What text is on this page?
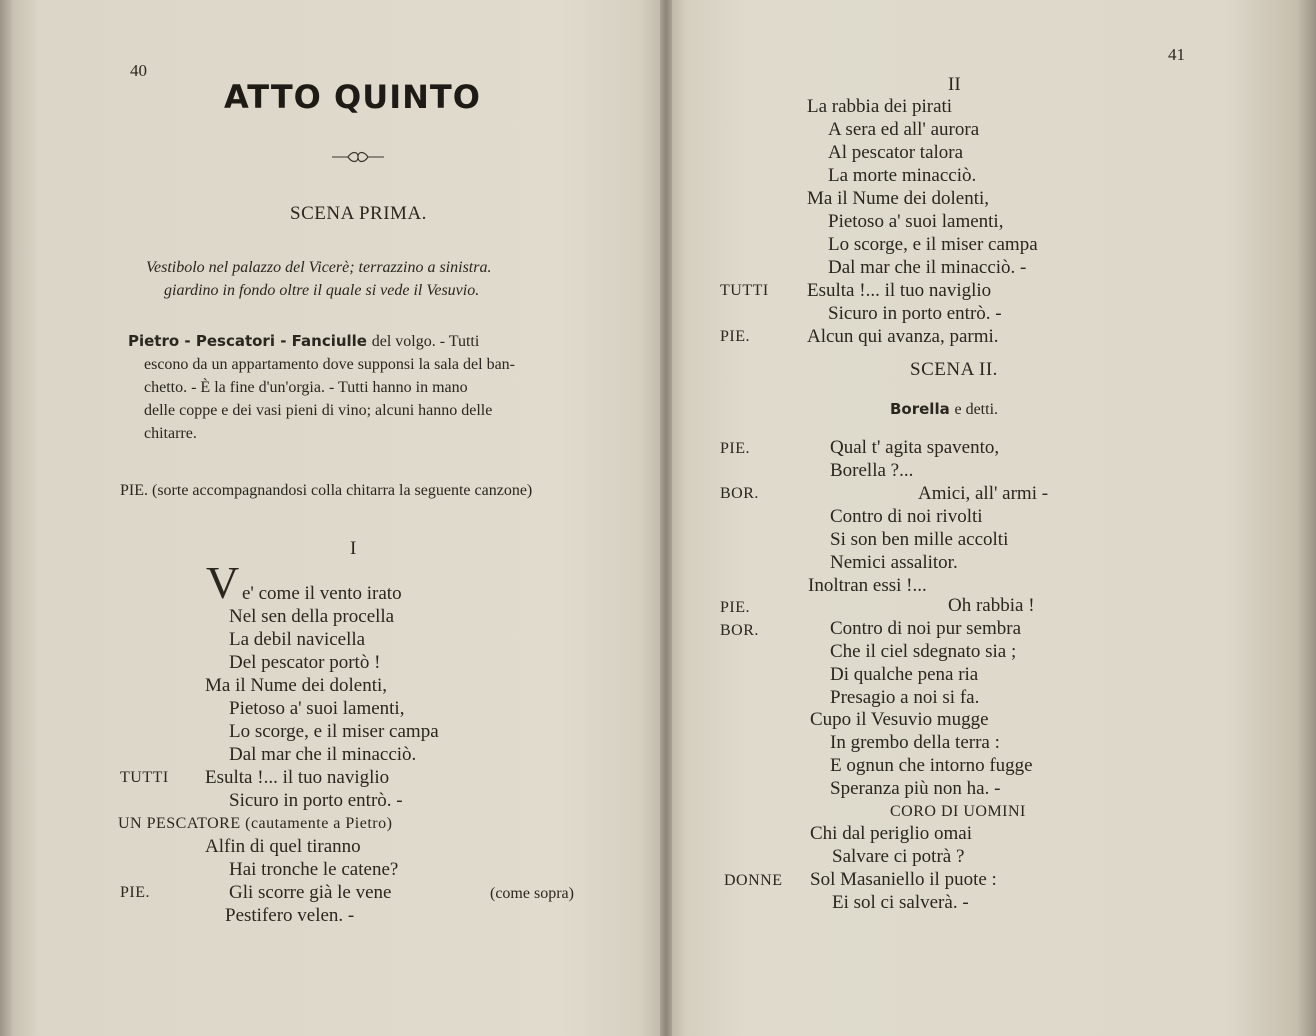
40
ATTO QUINTO
SCENA PRIMA.
Vestibolo nel palazzo del Vicerè; terrazzino a sinistra.
giardino in fondo oltre il quale si vede il Vesuvio.
Pietro - Pescatori - Fanciulle del volgo. - Tutti
escono da un appartamento dove supponsi la sala del ban-
chetto. - È la fine d'un'orgia. - Tutti hanno in mano
delle coppe e dei vasi pieni di vino; alcuni hanno delle
chitarre.
PIE. (sorte accompagnandosi colla chitarra la seguente canzone)
I
V e' come il vento irato
Nel sen della procella
La debil navicella
Del pescator portò !
Ma il Nume dei dolenti,
Pietoso a' suoi lamenti,
Lo scorge, e il miser campa
Dal mar che il minacciò.
TUTTI Esulta !... il tuo naviglio
Sicuro in porto entrò. -
UN PESCATORE (cautamente a Pietro)
Alfin di quel tiranno
Hai tronche le catene?
PIE.	Gli scorre già le vene	(come sopra)
Pestifero velen. -
41
II
La rabbia dei pirati
A sera ed all' aurora
Al pescator talora
La morte minacciò.
Ma il Nume dei dolenti,
Pietoso a' suoi lamenti,
Lo scorge, e il miser campa
Dal mar che il minacciò. -
TUTTI Esulta !... il tuo naviglio
Sicuro in porto entrò. -
PIE.	Alcun qui avanza, parmi.
SCENA II.
Borella e detti.
PIE.	Qual t' agita spavento,
Borella ?...
BOR.	Amici, all' armi -
Contro di noi rivolti
Si son ben mille accolti
Nemici assalitor.
Inoltran essi !...
PIE.	Oh rabbia !
BOR.	Contro di noi pur sembra
Che il ciel sdegnato sia ;
Di qualche pena ria
Presagio a noi si fa.
Cupo il Vesuvio mugge
In grembo della terra :
E ognun che intorno fugge
Speranza più non ha. -
CORO DI UOMINI
Chi dal periglio omai
Salvare ci potrà ?
DONNE Sol Masaniello il puote :
Ei sol ci salverà. -
